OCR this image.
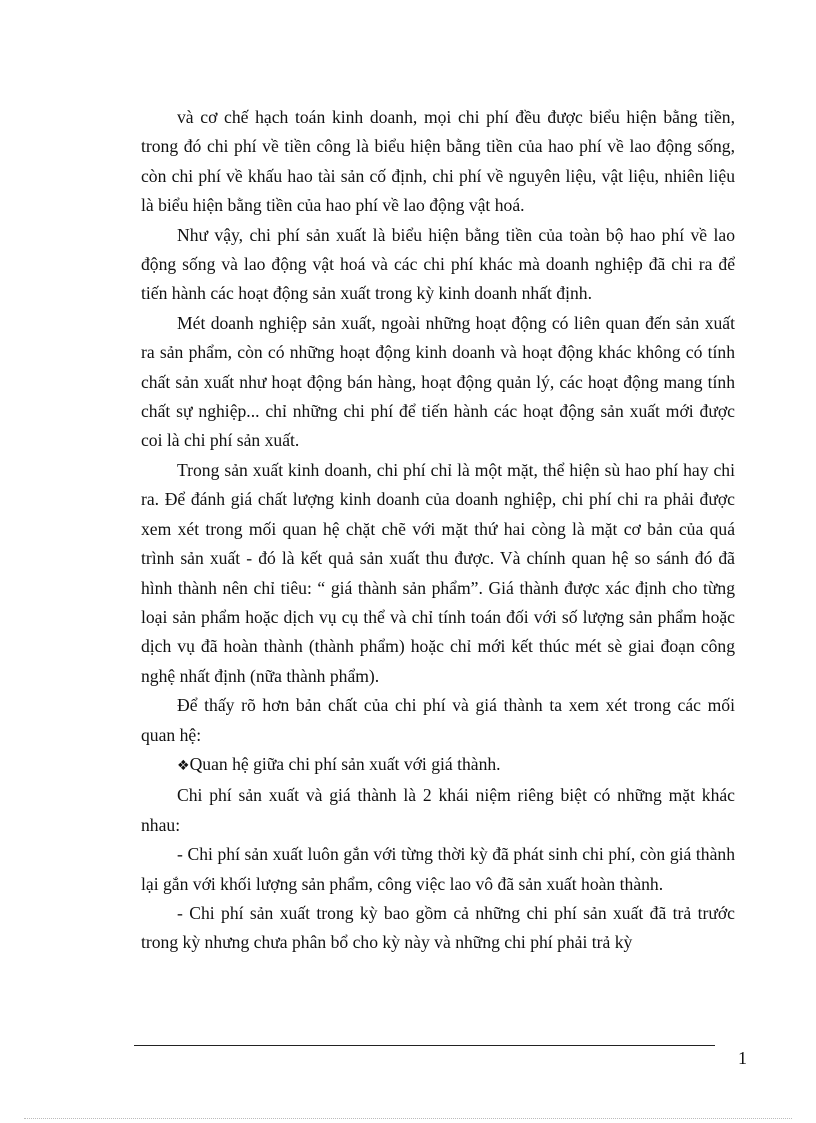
và cơ chế hạch toán kinh doanh, mọi chi phí đều được biểu hiện bằng tiền, trong đó chi phí về tiền công là biểu hiện bằng tiền của hao phí về lao động sống, còn chi phí về khấu hao tài sản cố định, chi phí về nguyên liệu, vật liệu, nhiên liệu là biểu hiện bằng tiền của hao phí về lao động vật hoá.

Như vậy, chi phí sản xuất là biểu hiện bằng tiền của toàn bộ hao phí về lao động sống và lao động vật hoá và các chi phí khác mà doanh nghiệp đã chi ra để tiến hành các hoạt động sản xuất trong kỳ kinh doanh nhất định.

Mét doanh nghiệp sản xuất, ngoài những hoạt động có liên quan đến sản xuất ra sản phẩm, còn có những hoạt động kinh doanh và hoạt động khác không có tính chất sản xuất như hoạt động bán hàng, hoạt động quản lý, các hoạt động mang tính chất sự nghiệp... chỉ những chi phí để tiến hành các hoạt động sản xuất mới được coi là chi phí sản xuất.

Trong sản xuất kinh doanh, chi phí chỉ là một mặt, thể hiện sù hao phí hay chi ra. Để đánh giá chất lượng kinh doanh của doanh nghiệp, chi phí chi ra phải được xem xét trong mối quan hệ chặt chẽ với mặt thứ hai còng là mặt cơ bản của quá trình sản xuất - đó là kết quả sản xuất thu được. Và chính quan hệ so sánh đó đã hình thành nên chỉ tiêu: “ giá thành sản phẩm”. Giá thành được xác định cho từng loại sản phẩm hoặc dịch vụ cụ thể và chỉ tính toán đối với số lượng sản phẩm hoặc dịch vụ đã hoàn thành (thành phẩm) hoặc chỉ mới kết thúc mét sè giai đoạn công nghệ nhất định (nữa thành phẩm).

Để thấy rõ hơn bản chất của chi phí và giá thành ta xem xét trong các mối quan hệ:

❖Quan hệ giữa chi phí sản xuất với giá thành.

Chi phí sản xuất và giá thành là 2 khái niệm riêng biệt có những mặt khác nhau:

- Chi phí sản xuất luôn gắn với từng thời kỳ đã phát sinh chi phí, còn giá thành lại gắn với khối lượng sản phẩm, công việc lao vô đã sản xuất hoàn thành.

- Chi phí sản xuất trong kỳ bao gồm cả những chi phí sản xuất đã trả trước trong kỳ nhưng chưa phân bổ cho kỳ này và những chi phí phải trả kỳ

1
